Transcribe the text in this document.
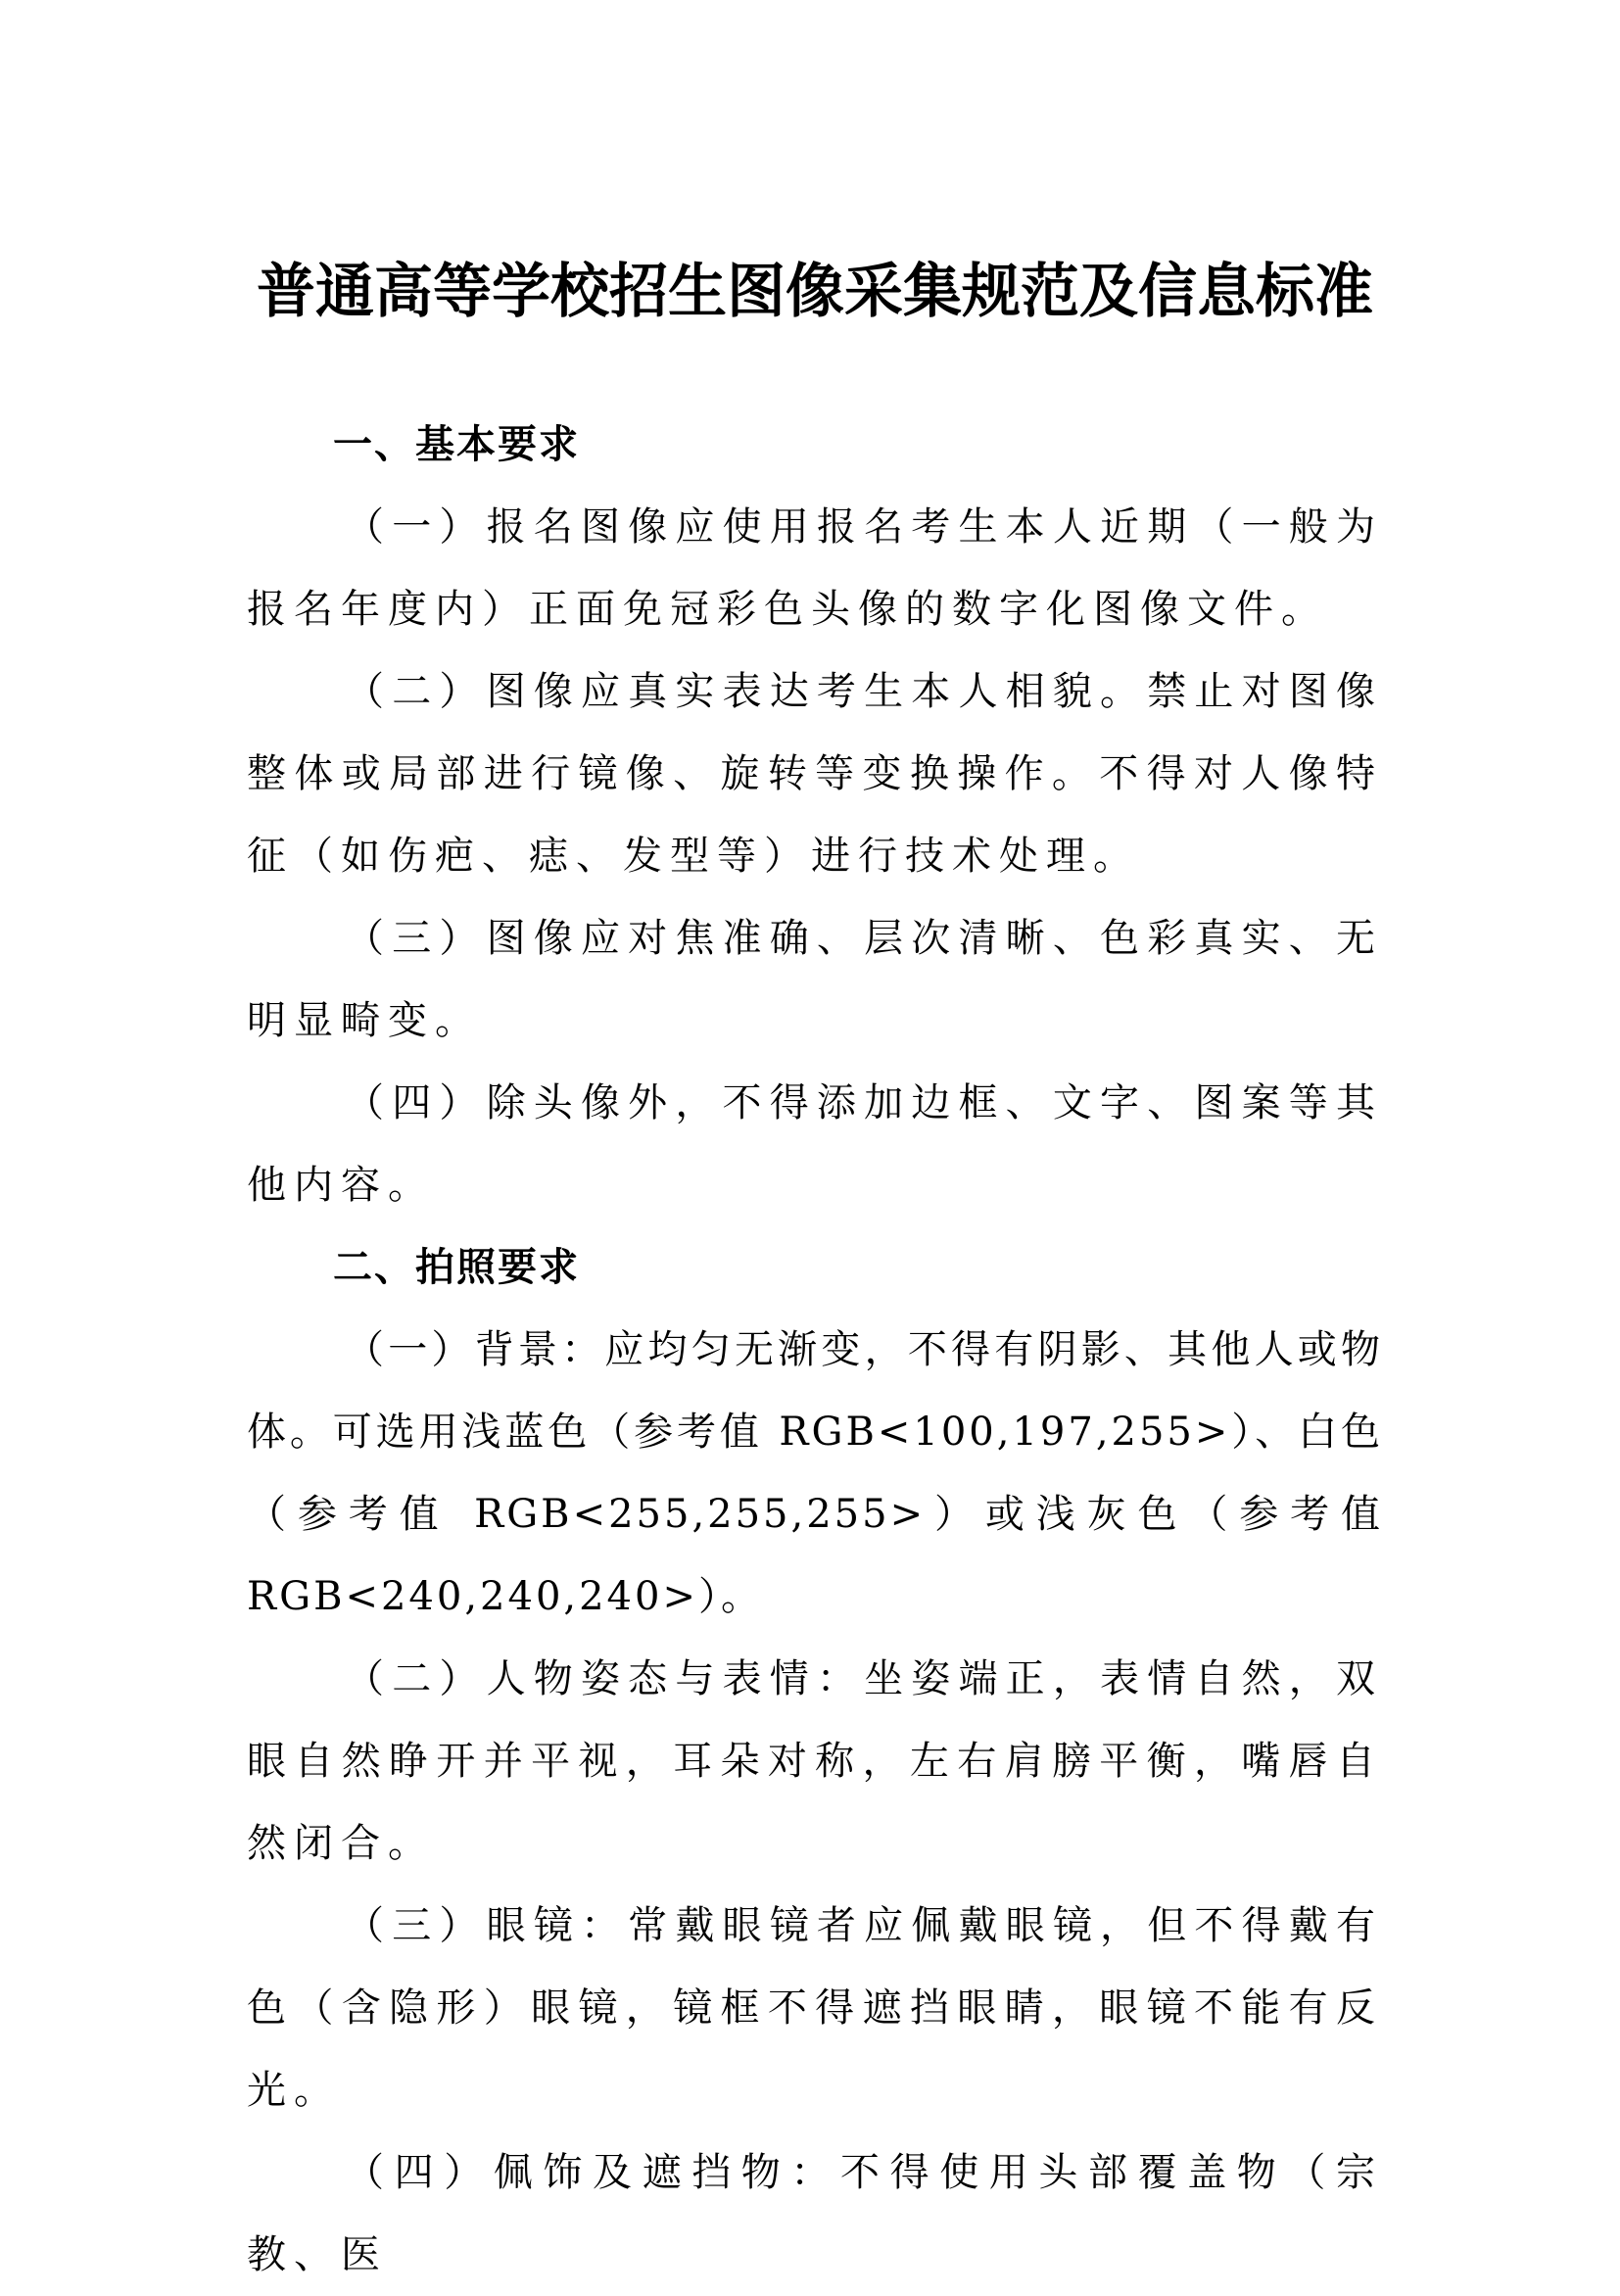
普通高等学校招生图像采集规范及信息标准

一、基本要求

（一）报名图像应使用报名考生本人近期（一般为报名年度内）正面免冠彩色头像的数字化图像文件。

（二）图像应真实表达考生本人相貌。禁止对图像整体或局部进行镜像、旋转等变换操作。不得对人像特征（如伤疤、痣、发型等）进行技术处理。

（三）图像应对焦准确、层次清晰、色彩真实、无明显畸变。

（四）除头像外，不得添加边框、文字、图案等其他内容。

二、拍照要求

（一）背景：应均匀无渐变，不得有阴影、其他人或物体。可选用浅蓝色（参考值 RGB<100,197,255>）、白色（参考值 RGB<255,255,255>）或浅灰色（参考值 RGB<240,240,240>）。

（二）人物姿态与表情：坐姿端正，表情自然，双眼自然睁开并平视，耳朵对称，左右肩膀平衡，嘴唇自然闭合。

（三）眼镜：常戴眼镜者应佩戴眼镜，但不得戴有色（含隐形）眼镜，镜框不得遮挡眼睛，眼镜不能有反光。

（四）佩饰及遮挡物：不得使用头部覆盖物（宗教、医
